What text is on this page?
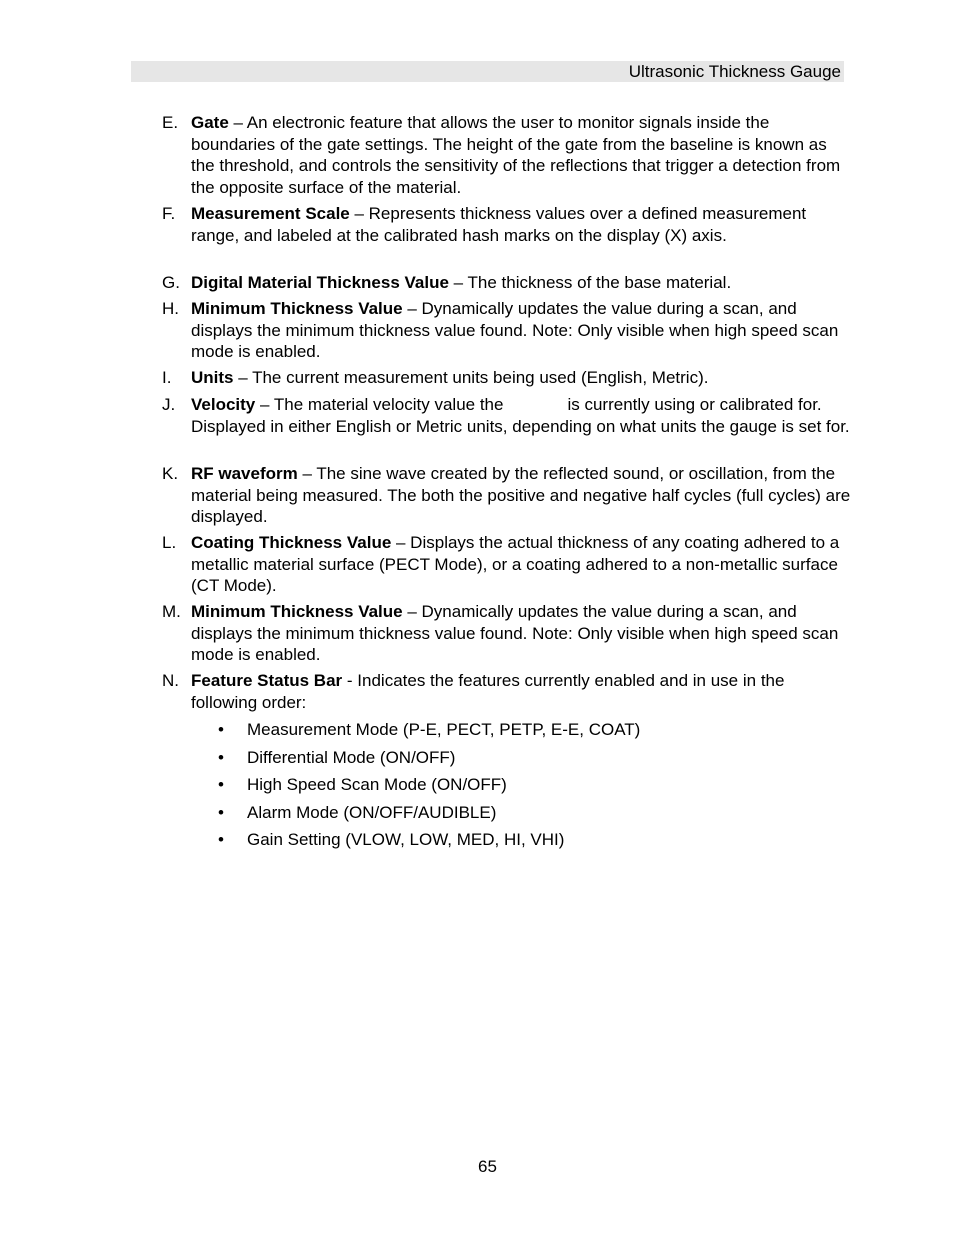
Ultrasonic Thickness Gauge
E. Gate – An electronic feature that allows the user to monitor signals inside the boundaries of the gate settings. The height of the gate from the baseline is known as the threshold, and controls the sensitivity of the reflections that trigger a detection from the opposite surface of the material.
F. Measurement Scale – Represents thickness values over a defined measurement range, and labeled at the calibrated hash marks on the display (X) axis.
G. Digital Material Thickness Value – The thickness of the base material.
H. Minimum Thickness Value – Dynamically updates the value during a scan, and displays the minimum thickness value found. Note: Only visible when high speed scan mode is enabled.
I. Units – The current measurement units being used (English, Metric).
J. Velocity – The material velocity value the	is currently using or calibrated for. Displayed in either English or Metric units, depending on what units the gauge is set for.
K. RF waveform – The sine wave created by the reflected sound, or oscillation, from the material being measured. The both the positive and negative half cycles (full cycles) are displayed.
L. Coating Thickness Value – Displays the actual thickness of any coating adhered to a metallic material surface (PECT Mode), or a coating adhered to a non-metallic surface (CT Mode).
M. Minimum Thickness Value – Dynamically updates the value during a scan, and displays the minimum thickness value found. Note: Only visible when high speed scan mode is enabled.
N. Feature Status Bar - Indicates the features currently enabled and in use in the following order:
• Measurement Mode (P-E, PECT, PETP, E-E, COAT)
• Differential Mode (ON/OFF)
• High Speed Scan Mode (ON/OFF)
• Alarm Mode (ON/OFF/AUDIBLE)
• Gain Setting (VLOW, LOW, MED, HI, VHI)
65
